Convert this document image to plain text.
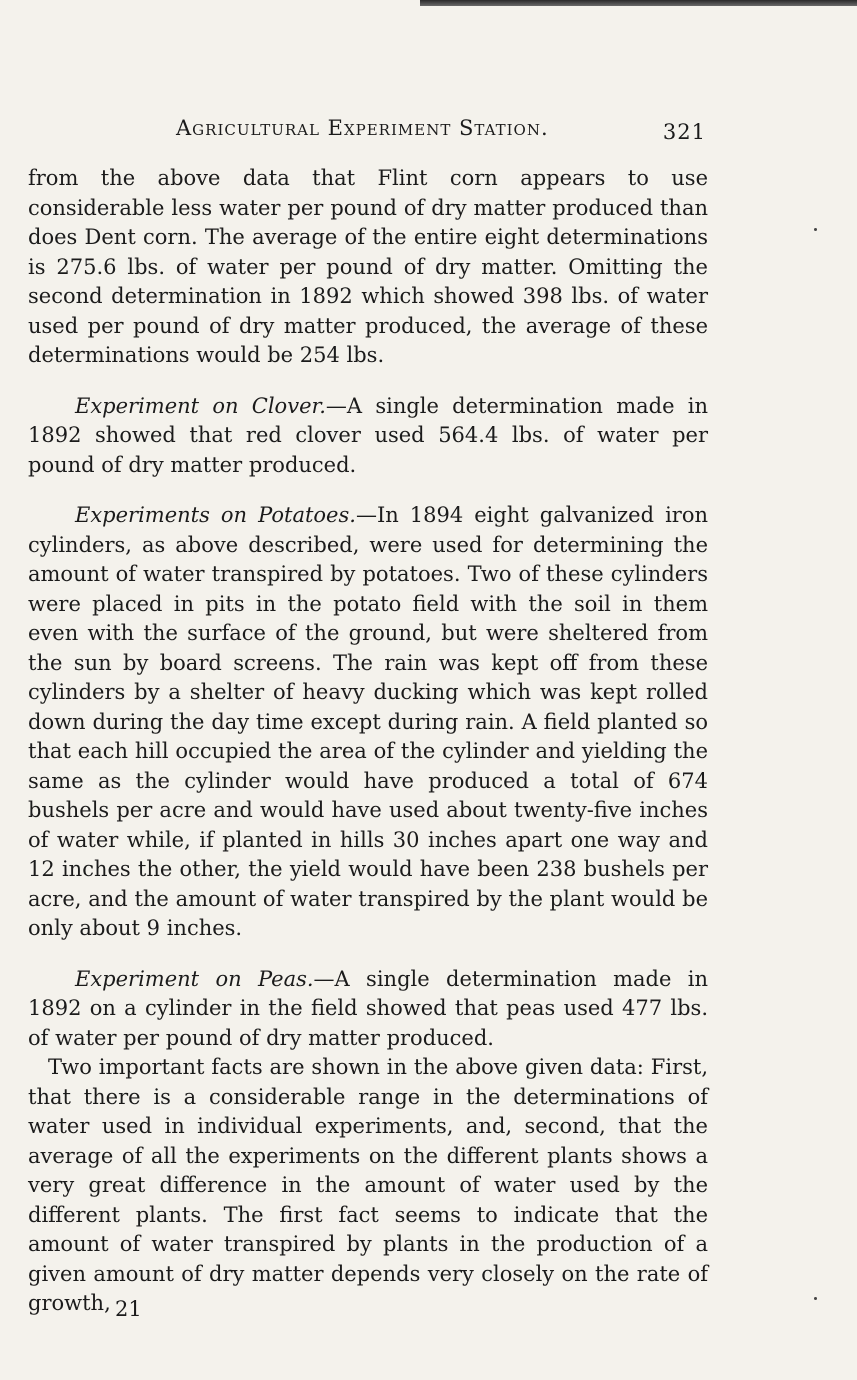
Agricultural Experiment Station.	321

from the above data that Flint corn appears to use considerable less water per pound of dry matter produced than does Dent corn. The average of the entire eight determinations is 275.6 lbs. of water per pound of dry matter. Omitting the second determination in 1892 which showed 398 lbs. of water used per pound of dry matter produced, the average of these determinations would be 254 lbs.

Experiment on Clover.—A single determination made in 1892 showed that red clover used 564.4 lbs. of water per pound of dry matter produced.

Experiments on Potatoes.—In 1894 eight galvanized iron cylinders, as above described, were used for determining the amount of water transpired by potatoes. Two of these cylinders were placed in pits in the potato field with the soil in them even with the surface of the ground, but were sheltered from the sun by board screens. The rain was kept off from these cylinders by a shelter of heavy ducking which was kept rolled down during the day time except during rain. A field planted so that each hill occupied the area of the cylinder and yielding the same as the cylinder would have produced a total of 674 bushels per acre and would have used about twenty-five inches of water while, if planted in hills 30 inches apart one way and 12 inches the other, the yield would have been 238 bushels per acre, and the amount of water transpired by the plant would be only about 9 inches.

Experiment on Peas.—A single determination made in 1892 on a cylinder in the field showed that peas used 477 lbs. of water per pound of dry matter produced.

Two important facts are shown in the above given data: First, that there is a considerable range in the determinations of water used in individual experiments, and, second, that the average of all the experiments on the different plants shows a very great difference in the amount of water used by the different plants. The first fact seems to indicate that the amount of water transpired by plants in the production of a given amount of dry matter depends very closely on the rate of growth, 21
